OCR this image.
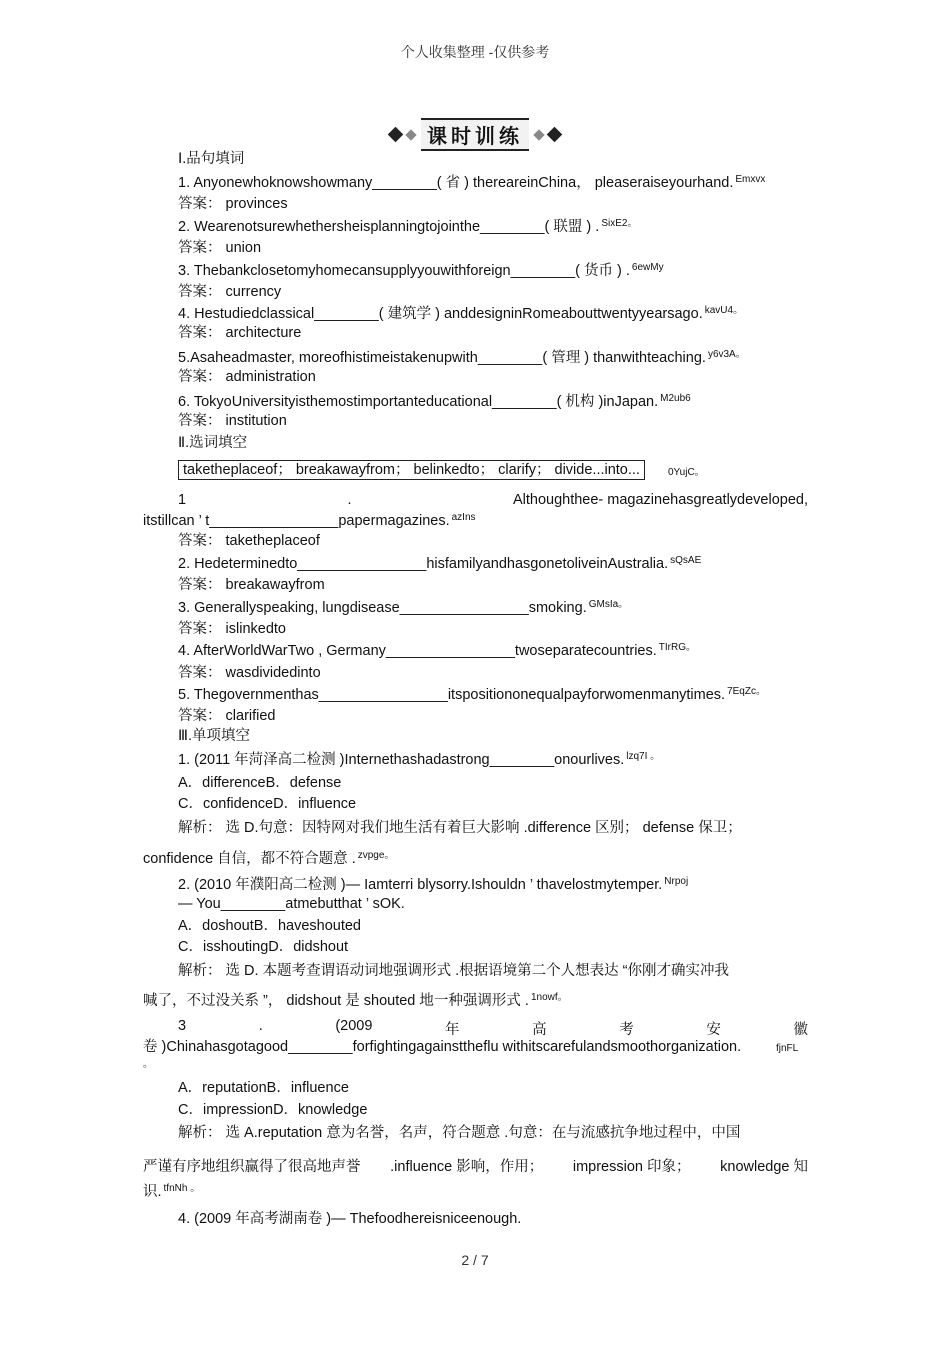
个人收集整理 -仅供参考
课时训练
Ⅰ.品句填词
1. Anyonewhoknowshowmany________( 省 ) thereareinChina， pleaseraiseyourhand. $^{Emxvx}$
答案： provinces
2. Wearenotsurewhethersheisplanningtojointhe________( 联盟 ) . $^{SixE2。}$
答案： union
3. Thebankclosetomyhomecansupplyyouwithforeign________( 货币 ) . $^{6ewMy}$
答案： currency
4. Hestudiedclassical________( 建筑学 ) anddesigninRomeabouttwentyyearsago. $^{kavU4。}$
答案： architecture
5.Asaheadmaster, moreofhistimeistakenupwith________( 管理 ) thanwithteaching. $^{y6v3A。}$
答案： administration
6. TokyoUniversityisthemostimportanteducational________( 机构 )inJapan. $^{M2ub6}$
答案： institution
Ⅱ.选词填空
0YujC。
itstillcan ’ t________________papermagazines. $^{azIns}$
答案： taketheplaceof
2. Hedeterminedto________________hisfamilyandhasgonetoliveinAustralia. $^{sQsAE}$
答案： breakawayfrom
3. Generallyspeaking, lungdisease________________smoking. $^{GMsIa。}$
答案： islinkedto
4. AfterWorldWarTwo , Germany________________twoseparatecountries. $^{TIrRG。}$
答案： wasdividedinto
5. Thegovernmenthas________________itspositiononequalpayforwomenmanytimes. $^{7EqZc。}$
答案： clarified
Ⅲ.单项填空
1. (2011 年菏泽高二检测 )Internethashadastrong________onourlives. $^{lzq7I 。}$
A．differenceB．defense
C．confidenceD．influence
解析： 选 D.句意：因特网对我们地生活有着巨大影响 .difference 区别； defense 保卫；
confidence 自信，都不符合题意 . $^{zvpge。}$
2. (2010 年濮阳高二检测 )— Iamterri blysorry.Ishouldn ’ thavelostmytemper. $^{Nrpoj}$
— You________atmebutthat ’ sOK.
A．doshoutB．haveshouted
C．isshoutingD．didshout
解析： 选 D. 本题考查谓语动词地强调形式 .根据语境第二个人想表达 “你刚才确实冲我
喊了，不过没关系 ”， didshout 是 shouted 地一种强调形式 . $^{1nowf。}$
卷 )Chinahasgotagood________forfightingagainsttheflu withitscarefulandsmoothorganization.	fjnFL
。
A．reputationB．influence
C．impressionD．knowledge
解析： 选 A.reputation 意为名誉，名声，符合题意 .句意：在与流感抗争地过程中，中国
识. $^{tfnNh 。}$
4. (2009 年高考湖南卷 )— Thefoodhereisniceenough.
1	.	Althoughthee- magazinehasgreatlydeveloped,
3	.	(2009	年	高	考	安	徽
严谨有序地组织赢得了很高地声誉 .influence 影响，作用； impression 印象； knowledge 知
taketheplaceof； breakawayfrom； belinkedto； clarify； divide...into...
2 / 7
